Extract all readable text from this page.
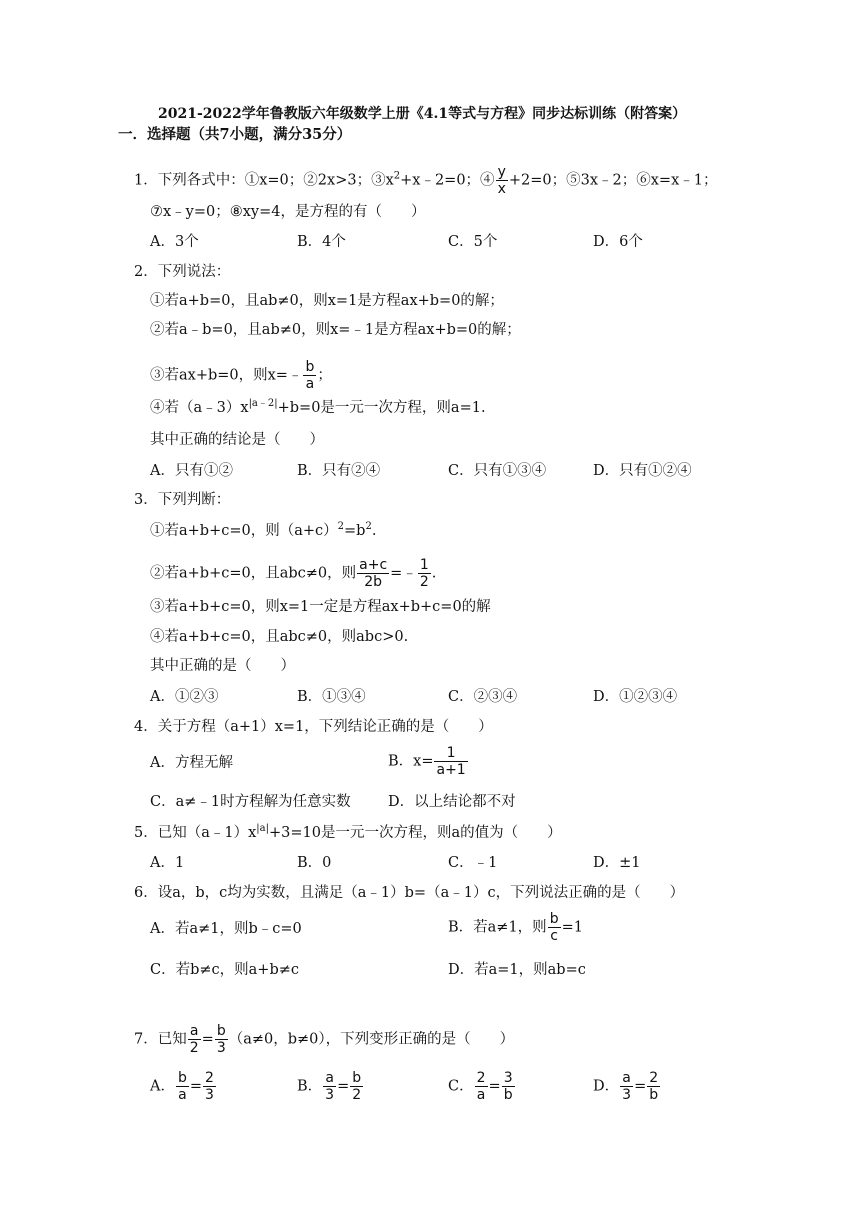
2021-2022学年鲁教版六年级数学上册《4.1等式与方程》同步达标训练（附答案）
一．选择题（共7小题，满分35分）
1．下列各式中：①x=0；②2x>3；$③x^2+x﹣2=0$；④ $\frac{y}{x} +2=0$；⑤3x﹣2；⑥x=x﹣1；
⑦x﹣y=0；⑧xy=4，是方程的有（　　）
A．3个	B．4个	C．5个	D．6个
2．下列说法：
①若a+b=0，且ab≠0，则x=1是方程ax+b=0的解；
②若a﹣b=0，且ab≠0，则x=﹣1是方程ax+b=0的解；
③若ax+b=0，则x=﹣ $\frac{b}{a}$ ；
④若$(a﹣3)x^{|a﹣2|}+b=0$是一元一次方程，则a=1.
其中正确的结论是（　　）
A．只有①②	B．只有②④	C．只有①③④	D．只有①②④
3．下列判断：
①若a+b+c=0，则$(a+c)^2=b^2$.
②若a+b+c=0，且abc≠0，则 $\frac{a+c}{2b}$ =﹣ $\frac{1}{2}$ .
③若a+b+c=0，则x=1一定是方程ax+b+c=0的解
④若a+b+c=0，且abc≠0，则abc>0.
其中正确的是（　　）
A．①②③	B．①③④	C．②③④	D．①②③④
4．关于方程（a+1）x=1，下列结论正确的是（　　）
A．方程无解	B．$x= \frac{1}{a+1}$
C．a≠﹣1时方程解为任意实数	D．以上结论都不对
5．已知$(a﹣1)x^{|a|}+3=10$是一元一次方程，则a的值为（　　）
A．1	B．0	C．﹣1	D．±1
6．设a，b，c均为实数，且满足（a﹣1）b=（a﹣1）c，下列说法正确的是（　　）
A．若a≠1，则b﹣c=0	B．若a≠1，则 $\frac{b}{c} =1$
C．若b≠c，则a+b≠c	D．若a=1，则ab=c
7．已知 $\frac{a}{2} = \frac{b}{3} (a\ne 0$，b≠0），下列变形正确的是（　　）
A． $\frac{b}{a} = \frac{2}{3}$	B． $\frac{a}{3} = \frac{b}{2}$	C． $\frac{2}{a} = \frac{3}{b}$	D． $\frac{a}{3} = \frac{2}{b}$
